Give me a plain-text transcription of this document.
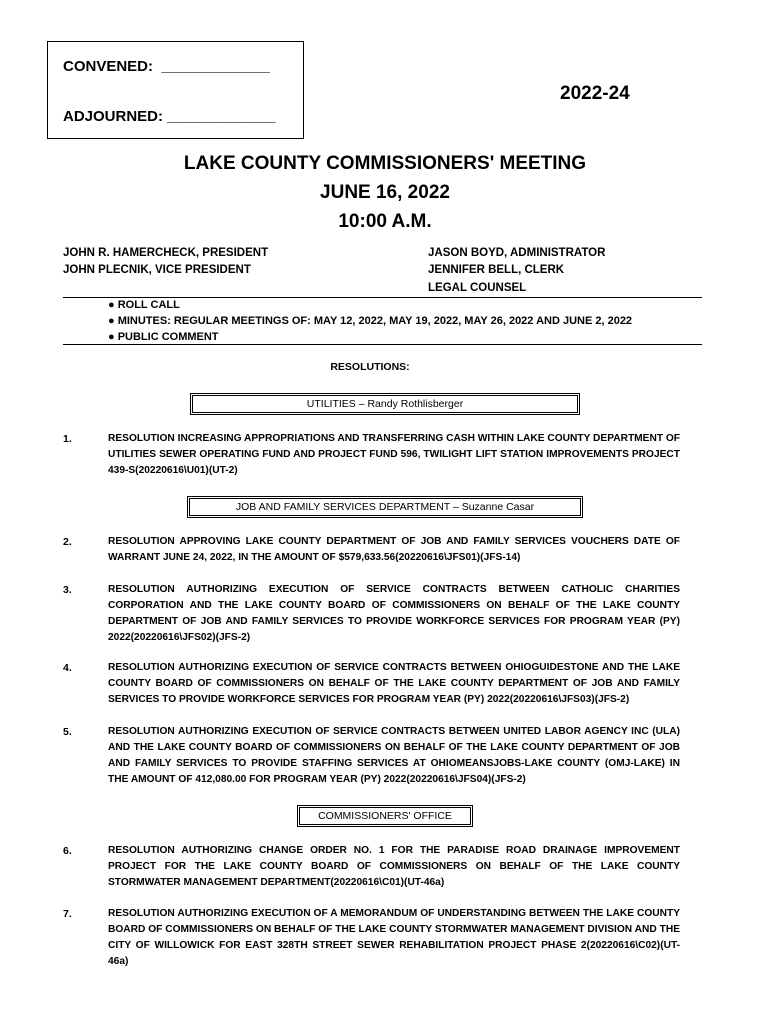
CONVENED:  _____________
ADJOURNED: _____________
2022-24
LAKE COUNTY COMMISSIONERS' MEETING
JUNE 16, 2022
10:00 A.M.
JOHN R. HAMERCHECK, PRESIDENT
JOHN PLECNIK, VICE PRESIDENT
JASON BOYD, ADMINISTRATOR
JENNIFER BELL, CLERK
LEGAL COUNSEL
● ROLL CALL
● MINUTES: REGULAR MEETINGS OF: MAY 12, 2022, MAY 19, 2022, MAY 26, 2022 AND JUNE 2, 2022
● PUBLIC COMMENT
RESOLUTIONS:
UTILITIES – Randy Rothlisberger
1.	RESOLUTION INCREASING APPROPRIATIONS AND TRANSFERRING CASH WITHIN LAKE COUNTY DEPARTMENT OF UTILITIES SEWER OPERATING FUND AND PROJECT FUND 596, TWILIGHT LIFT STATION IMPROVEMENTS PROJECT 439-S(20220616\U01)(UT-2)
JOB AND FAMILY SERVICES DEPARTMENT – Suzanne Casar
2.	RESOLUTION APPROVING LAKE COUNTY DEPARTMENT OF JOB AND FAMILY SERVICES VOUCHERS DATE OF WARRANT JUNE 24, 2022, IN THE AMOUNT OF $579,633.56(20220616\JFS01)(JFS-14)
3.	RESOLUTION AUTHORIZING EXECUTION OF SERVICE CONTRACTS BETWEEN CATHOLIC CHARITIES CORPORATION AND THE LAKE COUNTY BOARD OF COMMISSIONERS ON BEHALF OF THE LAKE COUNTY DEPARTMENT OF JOB AND FAMILY SERVICES TO PROVIDE WORKFORCE SERVICES FOR PROGRAM YEAR (PY) 2022(20220616\JFS02)(JFS-2)
4.	RESOLUTION AUTHORIZING EXECUTION OF SERVICE CONTRACTS BETWEEN OHIOGUIDESTONE AND THE LAKE COUNTY BOARD OF COMMISSIONERS ON BEHALF OF THE LAKE COUNTY DEPARTMENT OF JOB AND FAMILY SERVICES TO PROVIDE WORKFORCE SERVICES FOR PROGRAM YEAR (PY) 2022(20220616\JFS03)(JFS-2)
5.	RESOLUTION AUTHORIZING EXECUTION OF SERVICE CONTRACTS BETWEEN UNITED LABOR AGENCY INC (ULA) AND THE LAKE COUNTY BOARD OF COMMISSIONERS ON BEHALF OF THE LAKE COUNTY DEPARTMENT OF JOB AND FAMILY SERVICES TO PROVIDE STAFFING SERVICES AT OHIOMEANSJOBS-LAKE COUNTY (OMJ-LAKE) IN THE AMOUNT OF 412,080.00 FOR PROGRAM YEAR (PY) 2022(20220616\JFS04)(JFS-2)
COMMISSIONERS' OFFICE
6.	RESOLUTION AUTHORIZING CHANGE ORDER NO. 1 FOR THE PARADISE ROAD DRAINAGE IMPROVEMENT PROJECT FOR THE LAKE COUNTY BOARD OF COMMISSIONERS ON BEHALF OF THE LAKE COUNTY STORMWATER MANAGEMENT DEPARTMENT(20220616\C01)(UT-46a)
7.	RESOLUTION AUTHORIZING EXECUTION OF A MEMORANDUM OF UNDERSTANDING BETWEEN THE LAKE COUNTY BOARD OF COMMISSIONERS ON BEHALF OF THE LAKE COUNTY STORMWATER MANAGEMENT DIVISION AND THE CITY OF WILLOWICK FOR EAST 328TH STREET SEWER REHABILITATION PROJECT PHASE 2(20220616\C02)(UT-46a)
